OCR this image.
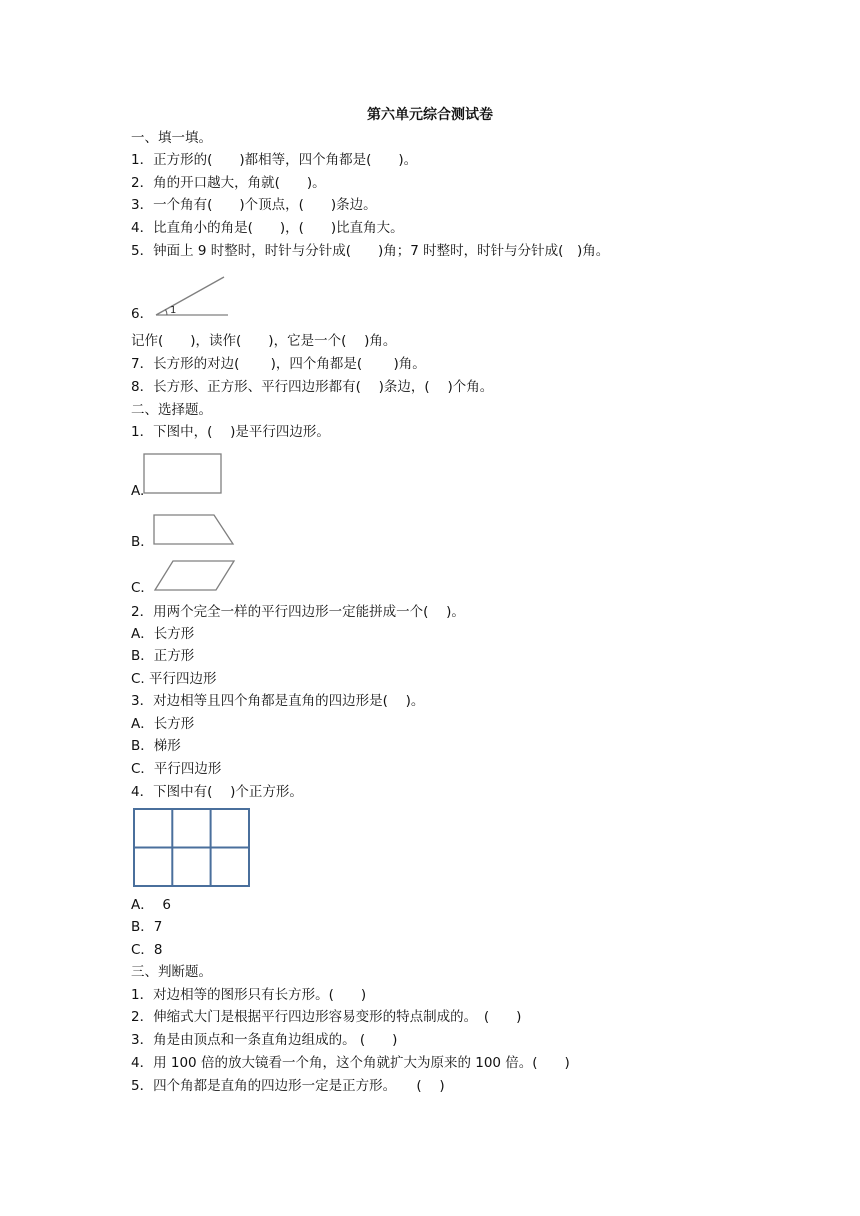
第六单元综合测试卷
一、填一填。
1．正方形的(　　)都相等，四个角都是(　　)。
2．角的开口越大，角就(　　)。
3．一个角有(　　)个顶点，(　　)条边。
4．比直角小的角是(　　)，(　　)比直角大。
5．钟面上 9 时整时，时针与分针成(　　)角；7 时整时，时针与分针成(　)角。
6． 1
记作(　　)，读作(　　)，它是一个(　 )角。
7．长方形的对边(　　 )，四个角都是(　　 )角。
8．长方形、正方形、平行四边形都有(　 )条边，(　 )个角。
二、选择题。
1．下图中，(　 )是平行四边形。
A.
B．
C．
2．用两个完全一样的平行四边形一定能拼成一个(　 )。
A．长方形
B．正方形
C. 平行四边形
3．对边相等且四个角都是直角的四边形是(　 )。
A．长方形
B．梯形
C．平行四边形
4．下图中有(　 )个正方形。
A．  6
B．7
C．8
三、判断题。
1．对边相等的图形只有长方形。(　　)
2．伸缩式大门是根据平行四边形容易变形的特点制成的。　(　　)
3．角是由顶点和一条直角边组成的。 (　　)
4．用 100 倍的放大镜看一个角，这个角就扩大为原来的 100 倍。(　　)
5．四个角都是直角的四边形一定是正方形。　　(　 )
